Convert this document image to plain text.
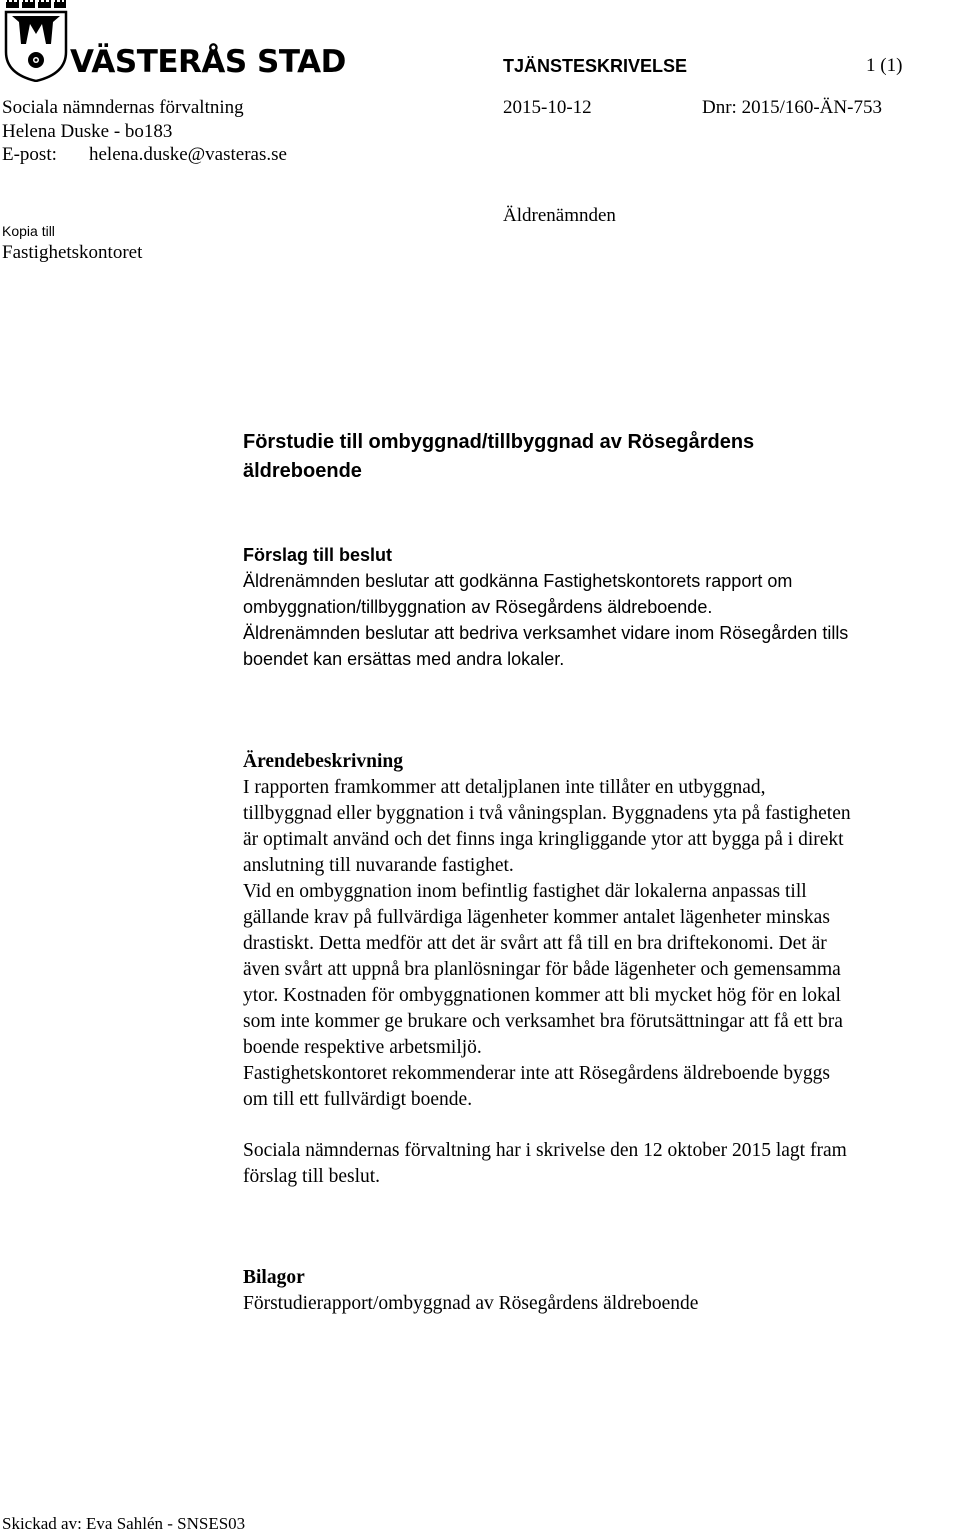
VÄSTERÅS STAD	TJÄNSTESKRIVELSE	1 (1)
2015-10-12	Dnr: 2015/160-ÄN-753
Sociala nämndernas förvaltning
Helena Duske - bo183
E-post: helena.duske@vasteras.se
Kopia till
Fastighetskontoret
Äldrenämnden
Förstudie till ombyggnad/tillbyggnad av Rösegårdens
äldreboende
Förslag till beslut
Äldrenämnden beslutar att godkänna Fastighetskontorets rapport om
ombyggnation/tillbyggnation av Rösegårdens äldreboende.
Äldrenämnden beslutar att bedriva verksamhet vidare inom Rösegården tills
boendet kan ersättas med andra lokaler.
Ärendebeskrivning
I rapporten framkommer att detaljplanen inte tillåter en utbyggnad,
tillbyggnad eller byggnation i två våningsplan. Byggnadens yta på fastigheten
är optimalt använd och det finns inga kringliggande ytor att bygga på i direkt
anslutning till nuvarande fastighet.
Vid en ombyggnation inom befintlig fastighet där lokalerna anpassas till
gällande krav på fullvärdiga lägenheter kommer antalet lägenheter minskas
drastiskt. Detta medför att det är svårt att få till en bra driftekonomi. Det är
även svårt att uppnå bra planlösningar för både lägenheter och gemensamma
ytor. Kostnaden för ombyggnationen kommer att bli mycket hög för en lokal
som inte kommer ge brukare och verksamhet bra förutsättningar att få ett bra
boende respektive arbetsmiljö.
Fastighetskontoret rekommenderar inte att Rösegårdens äldreboende byggs
om till ett fullvärdigt boende.
Sociala nämndernas förvaltning har i skrivelse den 12 oktober 2015 lagt fram
förslag till beslut.
Bilagor
Förstudierapport/ombyggnad av Rösegårdens äldreboende
Skickad av: Eva Sahlén - SNSES03
